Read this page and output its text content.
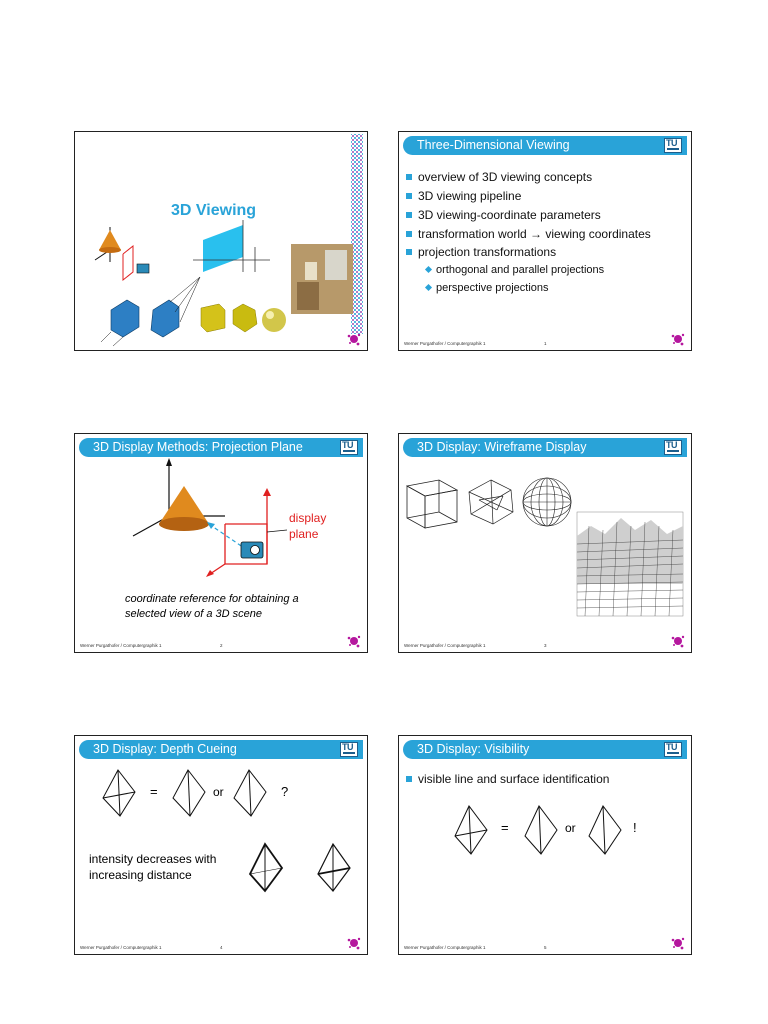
3D Viewing
Three-Dimensional Viewing	TU
overview of 3D viewing concepts
3D viewing pipeline
3D viewing-coordinate parameters
transformation world → viewing coordinates
projection transformations
orthogonal and parallel projections
perspective projections
Werner Purgathofer / Computergraphik 1	1
3D Display Methods: Projection Plane	TU
display
plane
coordinate reference for obtaining a
selected view of a 3D scene
Werner Purgathofer / Computergraphik 1	2
3D Display: Wireframe Display	TU
Werner Purgathofer / Computergraphik 1	3
3D Display: Depth Cueing	TU
=	or	?
intensity decreases with
increasing distance
Werner Purgathofer / Computergraphik 1	4
3D Display: Visibility	TU
visible line and surface identification
=	or	!
Werner Purgathofer / Computergraphik 1	5
